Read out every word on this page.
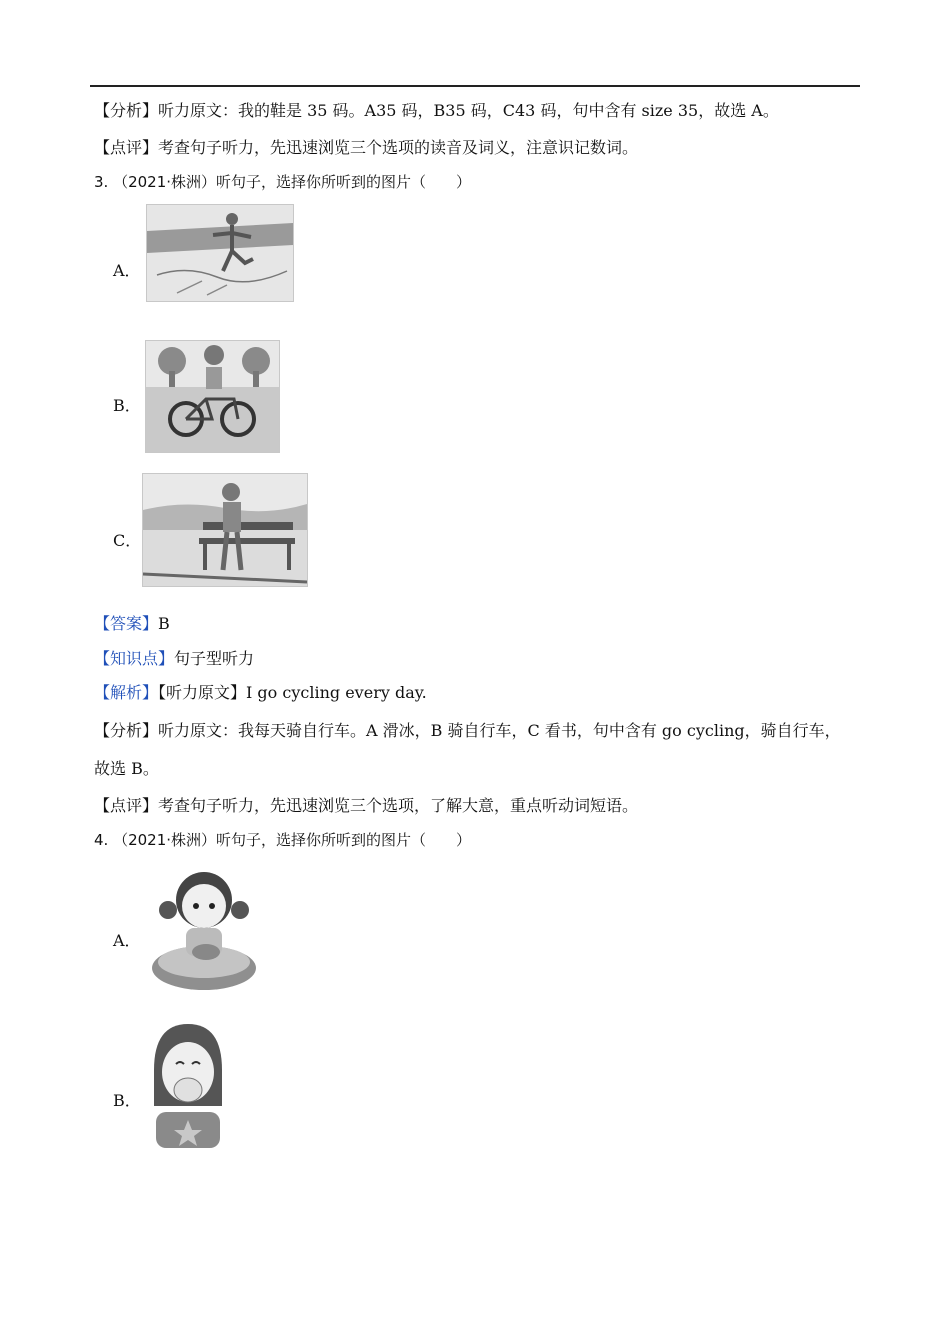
【分析】听力原文：我的鞋是 35 码。A35 码，B35 码，C43 码，句中含有 size 35，故选 A。
【点评】考查句子听力，先迅速浏览三个选项的读音及词义，注意识记数词。
3. （2021·株洲）听句子，选择你所听到的图片（　　）
A．
B．
C．
【答案】B
【知识点】句子型听力
【解析】【听力原文】I go cycling every day.
【分析】听力原文：我每天骑自行车。A 滑冰，B 骑自行车，C 看书，句中含有 go cycling，骑自行车，故选 B。
【点评】考查句子听力，先迅速浏览三个选项，了解大意，重点听动词短语。
4. （2021·株洲）听句子，选择你所听到的图片（　　）
A．
B．
